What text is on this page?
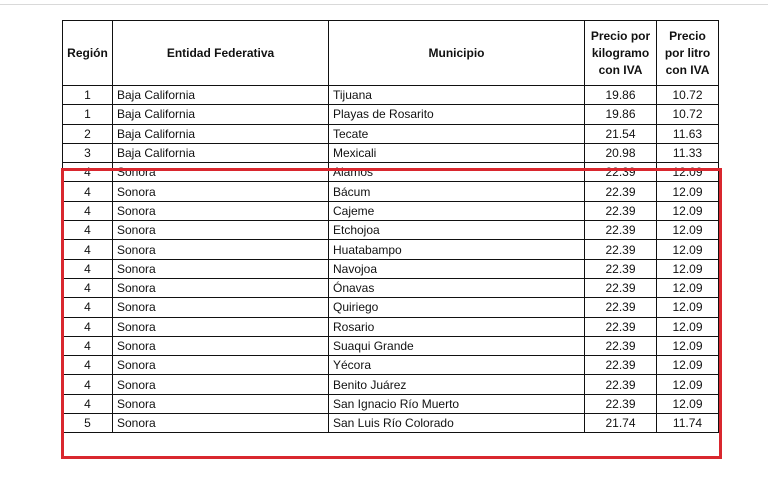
Región	Entidad Federativa	Municipio	Precio por kilogramo con IVA	Precio por litro con IVA
1	Baja California	Tijuana	19.86	10.72
1	Baja California	Playas de Rosarito	19.86	10.72
2	Baja California	Tecate	21.54	11.63
3	Baja California	Mexicali	20.98	11.33
4	Sonora	Alamos	22.39	12.09
4	Sonora	Bácum	22.39	12.09
4	Sonora	Cajeme	22.39	12.09
4	Sonora	Etchojoa	22.39	12.09
4	Sonora	Huatabampo	22.39	12.09
4	Sonora	Navojoa	22.39	12.09
4	Sonora	Ónavas	22.39	12.09
4	Sonora	Quiriego	22.39	12.09
4	Sonora	Rosario	22.39	12.09
4	Sonora	Suaqui Grande	22.39	12.09
4	Sonora	Yécora	22.39	12.09
4	Sonora	Benito Juárez	22.39	12.09
4	Sonora	San Ignacio Río Muerto	22.39	12.09
5	Sonora	San Luis Río Colorado	21.74	11.74
